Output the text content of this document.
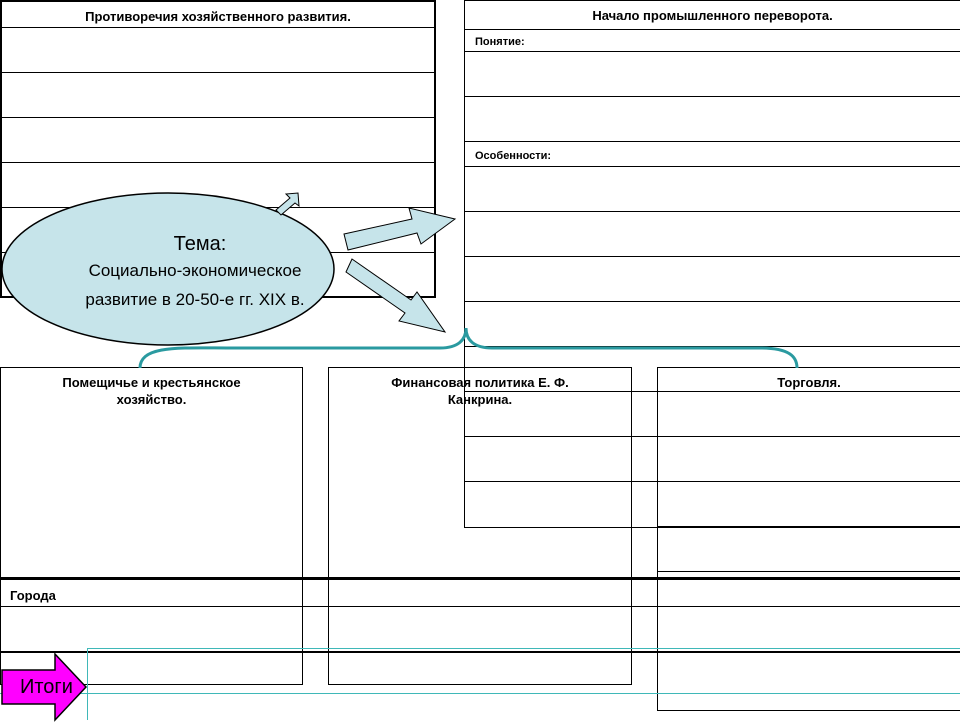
Противоречия хозяйственного развития.	Начало промышленного переворота.
Понятие:
Особенности:
Помещичье и крестьянское хозяйство.
Финансовая политика Е. Ф. Канкрина.
Торговля.
Города
Тема:
Социально-экономическое
развитие в 20-50-е гг. XIX в.
Итоги
